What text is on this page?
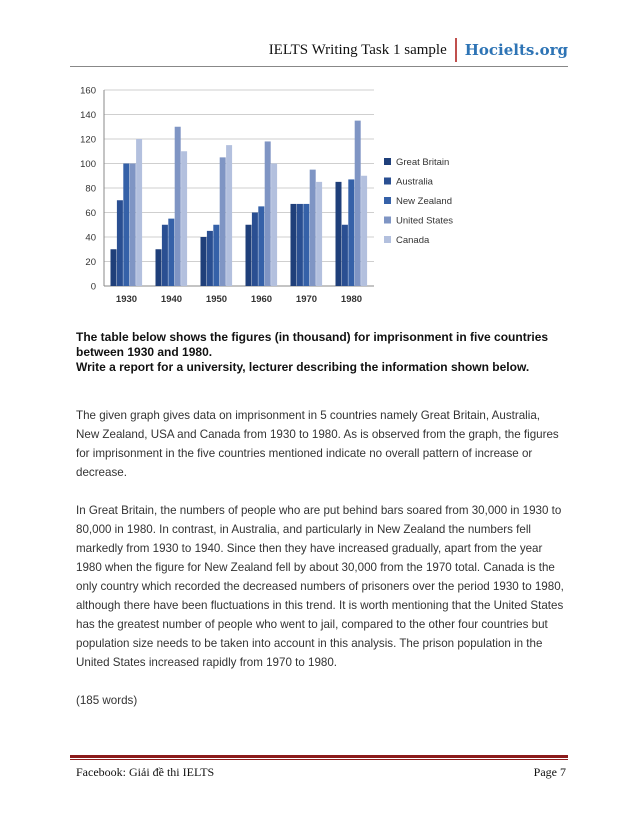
IELTS Writing Task 1 sample	Hocielts.org
0
20
40
60
80
100
120
140
160
1930	1940	1950	1960	1970	1980
Great Britain
Australia
New Zealand
United States
Canada

The table below shows the figures (in thousand) for imprisonment in five countries between 1930 and 1980.

Write a report for a university, lecturer describing the information shown below.

The given graph gives data on imprisonment in 5 countries namely Great Britain, Australia, New Zealand, USA and Canada from 1930 to 1980. As is observed from the graph, the figures for imprisonment in the five countries mentioned indicate no overall pattern of increase or decrease.

In Great Britain, the numbers of people who are put behind bars soared from 30,000 in 1930 to 80,000 in 1980. In contrast, in Australia, and particularly in New Zealand the numbers fell markedly from 1930 to 1940. Since then they have increased gradually, apart from the year 1980 when the figure for New Zealand fell by about 30,000 from the 1970 total. Canada is the only country which recorded the decreased numbers of prisoners over the period 1930 to 1980, although there have been fluctuations in this trend. It is worth mentioning that the United States has the greatest number of people who went to jail, compared to the other four countries but population size needs to be taken into account in this analysis. The prison population in the United States increased rapidly from 1970 to 1980.

(185 words)

Facebook: Giải đề thi IELTS	Page 7
